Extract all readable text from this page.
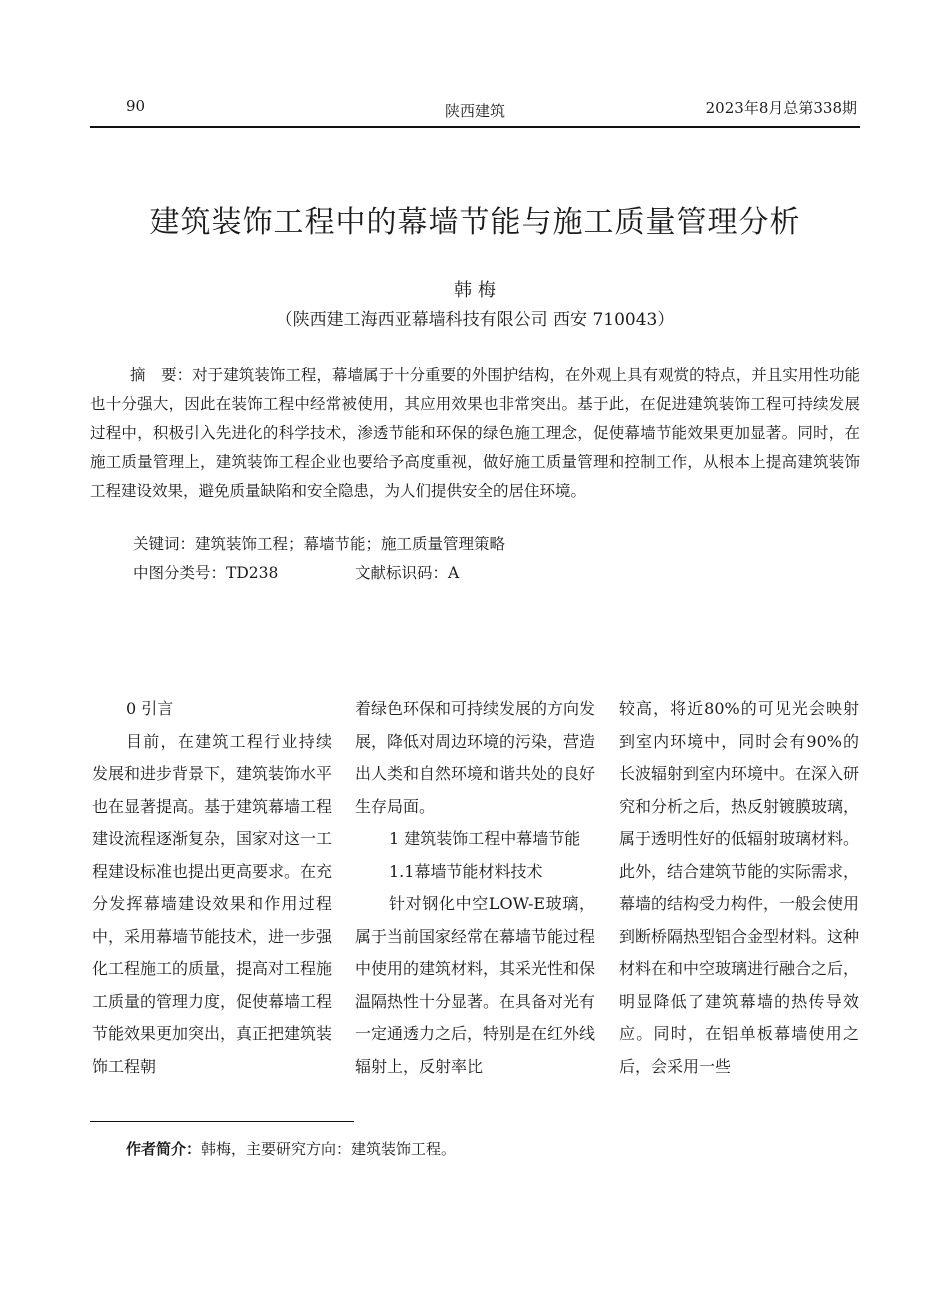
90	陕西建筑	2023年8月总第338期
建筑装饰工程中的幕墙节能与施工质量管理分析
韩 梅
（陕西建工海西亚幕墙科技有限公司 西安 710043）

摘　要：对于建筑装饰工程，幕墙属于十分重要的外围护结构，在外观上具有观赏的特点，并且实用性功能也十分强大，因此在装饰工程中经常被使用，其应用效果也非常突出。基于此，在促进建筑装饰工程可持续发展过程中，积极引入先进化的科学技术，渗透节能和环保的绿色施工理念，促使幕墙节能效果更加显著。同时，在施工质量管理上，建筑装饰工程企业也要给予高度重视，做好施工质量管理和控制工作，从根本上提高建筑装饰工程建设效果，避免质量缺陷和安全隐患，为人们提供安全的居住环境。

关键词：建筑装饰工程；幕墙节能；施工质量管理策略
中图分类号：TD238	文献标识码：A

0 引言

目前，在建筑工程行业持续发展和进步背景下，建筑装饰水平也在显著提高。基于建筑幕墙工程建设流程逐渐复杂，国家对这一工程建设标准也提出更高要求。在充分发挥幕墙建设效果和作用过程中，采用幕墙节能技术，进一步强化工程施工的质量，提高对工程施工质量的管理力度，促使幕墙工程节能效果更加突出，真正把建筑装饰工程朝

着绿色环保和可持续发展的方向发展，降低对周边环境的污染，营造出人类和自然环境和谐共处的良好生存局面。

1 建筑装饰工程中幕墙节能

1.1幕墙节能材料技术

针对钢化中空LOW-E玻璃，属于当前国家经常在幕墙节能过程中使用的建筑材料，其采光性和保温隔热性十分显著。在具备对光有一定通透力之后，特别是在红外线辐射上，反射率比

较高，将近80%的可见光会映射到室内环境中，同时会有90%的长波辐射到室内环境中。在深入研究和分析之后，热反射镀膜玻璃，属于透明性好的低辐射玻璃材料。此外，结合建筑节能的实际需求，幕墙的结构受力构件，一般会使用到断桥隔热型铝合金型材料。这种材料在和中空玻璃进行融合之后，明显降低了建筑幕墙的热传导效应。同时，在铝单板幕墙使用之后，会采用一些

作者简介：韩梅，主要研究方向：建筑装饰工程。
